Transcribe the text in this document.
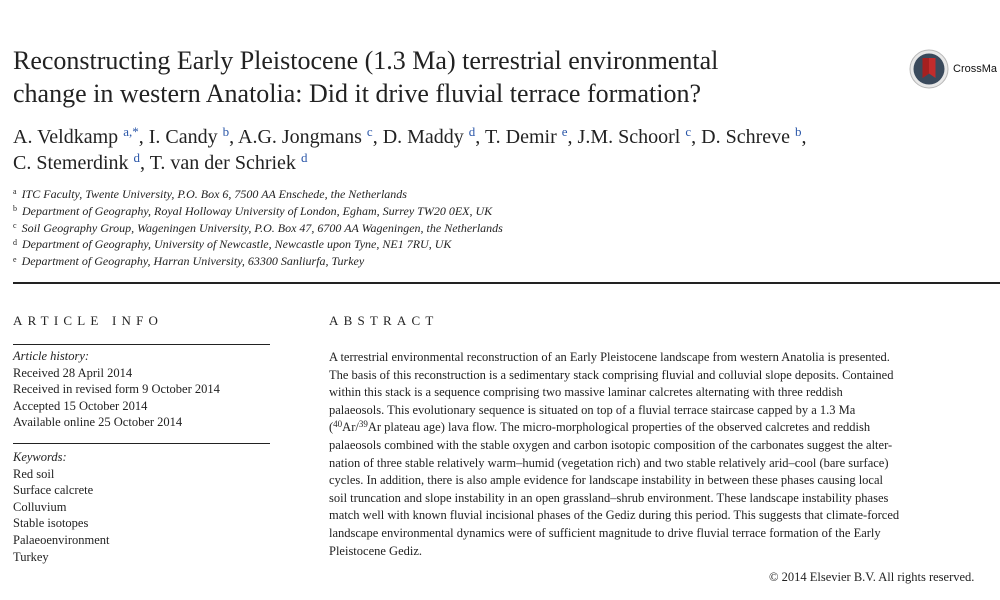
Reconstructing Early Pleistocene (1.3 Ma) terrestrial environmental
change in western Anatolia: Did it drive fluvial terrace formation?
CrossMa
A. Veldkamp $^{a,*}$, I. Candy $^b$, A.G. Jongmans $^c$, D. Maddy $^d$, T. Demir $^e$, J.M. Schoorl $^c$, D. Schreve $^b$,
C. Stemerdink $^d$, T. van der Schriek $^d$
$^a$ ITC Faculty, Twente University, P.O. Box 6, 7500 AA Enschede, the Netherlands
$^b$ Department of Geography, Royal Holloway University of London, Egham, Surrey TW20 0EX, UK
$^c$ Soil Geography Group, Wageningen University, P.O. Box 47, 6700 AA Wageningen, the Netherlands
$^d$ Department of Geography, University of Newcastle, Newcastle upon Tyne, NE1 7RU, UK
$^e$ Department of Geography, Harran University, 63300 Sanliurfa, Turkey
ARTICLE INFO	ABSTRACT
Article history:
Received 28 April 2014
Received in revised form 9 October 2014
Accepted 15 October 2014
Available online 25 October 2014
Keywords:
Red soil
Surface calcrete
Colluvium
Stable isotopes
Palaeoenvironment
Turkey
A terrestrial environmental reconstruction of an Early Pleistocene landscape from western Anatolia is presented.
The basis of this reconstruction is a sedimentary stack comprising fluvial and colluvial slope deposits. Contained
within this stack is a sequence comprising two massive laminar calcretes alternating with three reddish
palaeosols. This evolutionary sequence is situated on top of a fluvial terrace staircase capped by a 1.3 Ma
($^{40}$Ar/$^{39}$Ar plateau age) lava flow. The micro-morphological properties of the observed calcretes and reddish
palaeosols combined with the stable oxygen and carbon isotopic composition of the carbonates suggest the alter-
nation of three stable relatively warm–humid (vegetation rich) and two stable relatively arid–cool (bare surface)
cycles. In addition, there is also ample evidence for landscape instability in between these phases causing local
soil truncation and slope instability in an open grassland–shrub environment. These landscape instability phases
match well with known fluvial incisional phases of the Gediz during this period. This suggests that climate-forced
landscape environmental dynamics were of sufficient magnitude to drive fluvial terrace formation of the Early
Pleistocene Gediz.
© 2014 Elsevier B.V. All rights reserved.
